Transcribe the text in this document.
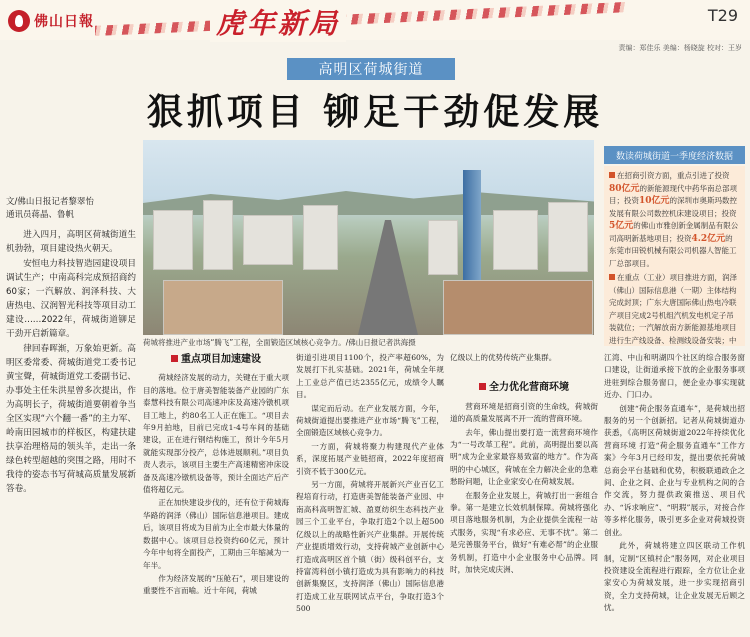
佛山日報	虎年新局	T29
责编：郑佳乐 美编：杨晓旋 校对：王岁
高明区荷城街道
狠抓项目 铆足干劲促发展
荷城将推进产业市场“腾飞”工程，全面锻造区域核心竞争力。/佛山日报记者洪海摄
数读荷城街道一季度经济数据

在招商引资方面，重点引进了投资80亿元的新能源现代中药华南总部项目；投资10亿元的深圳市奥斯玛数控发展有限公司数控机床建设项目；投资5亿元的佛山市雅创新金属制品有限公司高明新基地项目；投资4.2亿元的东莞市田锐机械有限公司机器人智能工厂总部项目。

在重点（工业）项目推进方面，润泽（佛山）国际信息港（一期）主体结构完成封顶；广东大唐国际佛山热电冷联产项目完成2号机组汽机发电机定子吊装就位；一汽解放南方新能源基地项目进行生产线设备、检测线设备安装；中

文/佛山日报记者黎翠怡
通讯员蒋晶、鲁帆

进入四月，高明区荷城街道生机勃勃，项目建设热火朝天。

安恒电力科技智造园建设项目调试生产；中南高科完成预招商约60家；一汽解放、润泽科技、大唐热电、汉润智光科技等项目动工建设……2022年，荷城街道铆足干劲开启新篇章。

律回春晖渐，万象始更新。高明区委常委、荷城街道党工委书记黄宝聲，荷城街道党工委副书记、办事处主任朱洪星曾多次提出，作为高明长子，荷城街道要朝着争当全区实现“六个翻一番”的主力军、岭南田园城市的样板区，构建扶建扶享治理格局的领头羊，走出一条绿色转型超越的突围之路，用时不我待的姿态书写荷城高质量发展新答卷。

重点项目加速建设

荷城经济发展的动力，关键在于重大项目的落地。位于唐美智能装备产业园的广东泰慧科技有限公司高速冲床及高速冷镦机项目工地上，约80名工人正在施工。“项目去年9月拍地，目前已完成1-4号车间的基础建设，正在进行钢结构施工，预计今年5月就能实现部分投产，总体进展顺利。”项目负责人表示，该项目主要生产高速精密冲床设备及高速冷镦机设备等，预计全面达产后产值将超亿元。

正在加快建设步伐的，还有位于荷城海华路的润泽（佛山）国际信息港项目。建成后，该项目将成为目前为止全市最大体量的数据中心。该项目总投资约60亿元，预计今年中旬将全面投产，工期由三年缩减为一年半。

作为经济发展的“压舱石”，项目建设的重要性不言而喻。近十年间，荷城

街道引进项目1100个，投产率超60%，为发展打下扎实基础。2021年，荷城全年规上工业总产值已达2355亿元，成绩令人瞩目。

谋定而后动。在产业发展方面，今年，荷城街道提出要推进产业市场“腾飞”工程，全面锻造区域核心竞争力。

一方面，荷城将聚力构建现代产业体系，深度拓展产业链招商，2022年度招商引资不低于300亿元。

另一方面，荷城将开展新兴产业百亿工程培育行动，打造唐美智能装备产业园、中南高科高明智汇城、盈夏纺织生态科技产业园三个工业平台，争取打造2个以上超500亿级以上的战略性新兴产业集群。开展传统产业提质增效行动，支持荷城产业创新中心打造成高明区首个镇（街）级科创平台，支持富湾科创小镇打造成为具有影响力的科技创新集聚区，支持润泽（佛山）国际信息港打造成工业互联网试点平台，争取打造3个500

亿级以上的优势传统产业集群。

全力优化营商环境

营商环境是招商引资的生命线，荷城街道的高质量发展离不开一流的营商环境。

去年，佛山提出要打造一流营商环境作为“一号改革工程”。此前，高明提出要以高明“成为企业家最容易致富的地方”。作为高明的中心城区，荷城在全力解决企业的急难愁盼问题，让企业家安心在荷城发展。

在服务企业发展上，荷城打出一套组合拳。第一是建立长效机制保障。荷城将强化项目落地服务机制，为企业提供全流程一站式服务，实现“有求必应、无事不扰”。第二是完善服务平台，做好“有难必帮”的企业服务机制，打造中小企业服务中心品牌。同时，加快完成庆洲、

江湾、中山和明湖四个社区的综合服务窗口建设，让街道承接下放的企业服务事项进驻到综合服务窗口，便企业办事实现就近办、门口办。

创建“荷企服务直通车”，是荷城出招服务的另一个创新招。记者从荷城街道办获悉，《高明区荷城街道2022年持续优化营商环境 打造“荷企服务直通车”工作方案》今年3月已经印发，提出要依托荷城总商会平台基础和优势，积极联通政企之间、企业之间、企业与专业机构之间的合作交流，努力提供政策推送、项目代办、“诉求响应”、“明瑕”展示，对接合作等多样化服务，吸引更多企业对荷城投资创业。

此外，荷城将建立四区联动工作机制，定制“区镇村企”服务网，对企业项目投资建设全流程进行跟踪，全方位让企业家安心为荷城发展，进一步实现招商引资，全力支持荷城，让企业发展无后顾之忧。
